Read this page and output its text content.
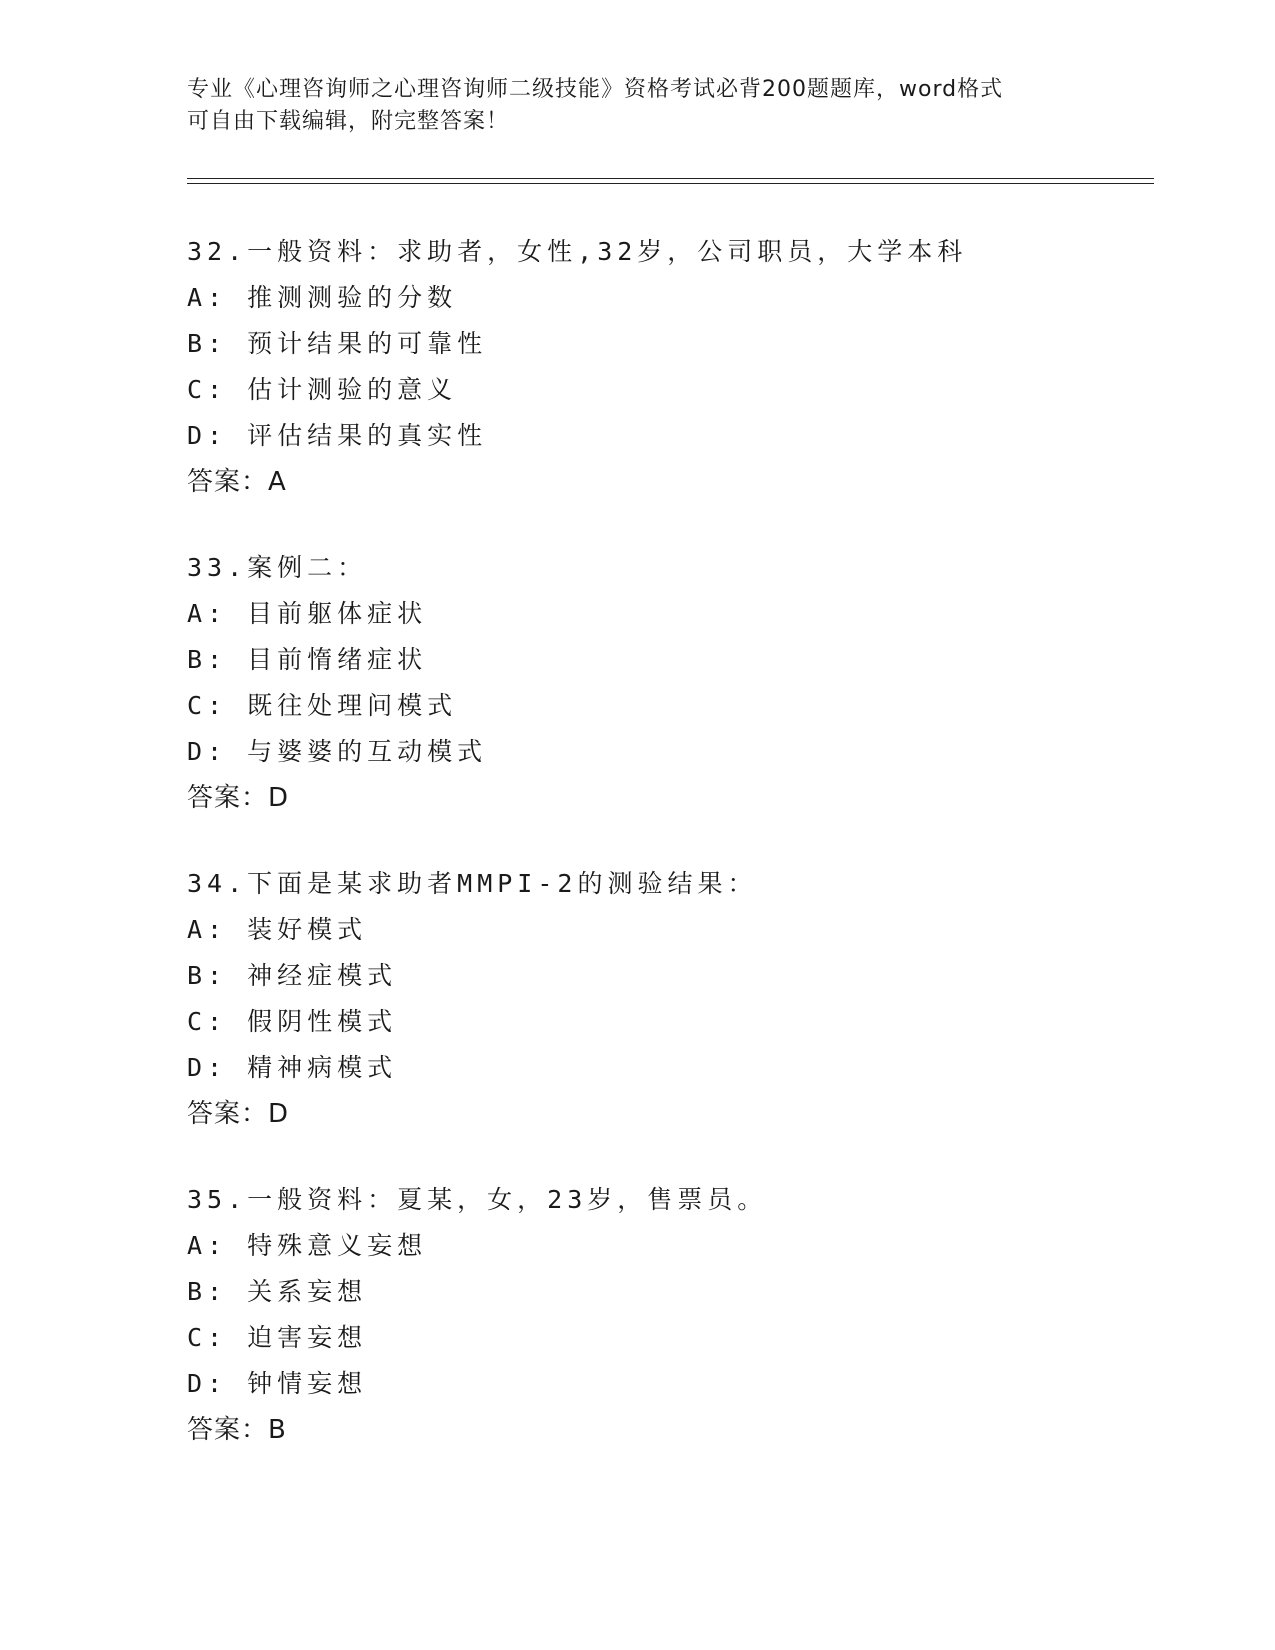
专业《心理咨询师之心理咨询师二级技能》资格考试必背200题题库，word格式
可自由下载编辑，附完整答案！
32.一般资料：求助者，女性,32岁，公司职员，大学本科
A: 推测测验的分数
B: 预计结果的可靠性
C: 估计测验的意义
D: 评估结果的真实性
答案：A
33.案例二：
A: 目前躯体症状
B: 目前惰绪症状
C: 既往处理问模式
D: 与婆婆的互动模式
答案：D
34.下面是某求助者MMPI-2的测验结果：
A: 装好模式
B: 神经症模式
C: 假阴性模式
D: 精神病模式
答案：D
35.一般资料：夏某，女，23岁，售票员。
A: 特殊意义妄想
B: 关系妄想
C: 迫害妄想
D: 钟情妄想
答案：B
